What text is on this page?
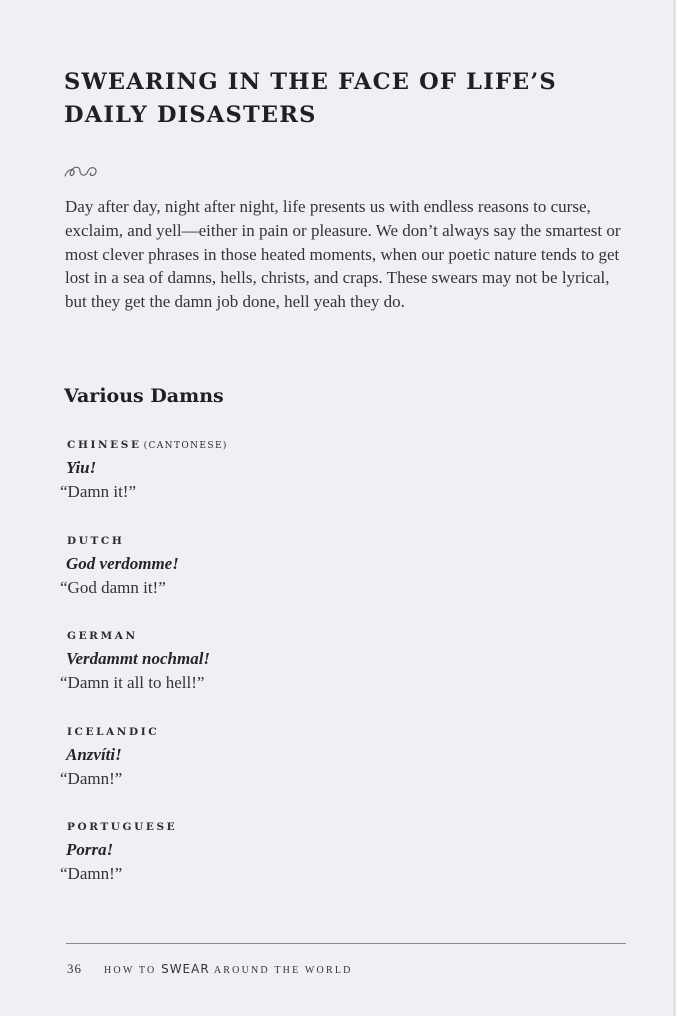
SWEARING IN THE FACE OF LIFE’S DAILY DISASTERS

Day after day, night after night, life presents us with endless reasons to curse, exclaim, and yell—either in pain or pleasure. We don’t always say the smartest or most clever phrases in those heated moments, when our poetic nature tends to get lost in a sea of damns, hells, christs, and craps. These swears may not be lyrical, but they get the damn job done, hell yeah they do.

Various Damns
CHINESE (CANTONESE)
Yiu!
“Damn it!”
DUTCH
God verdomme!
“God damn it!”
GERMAN
Verdammt nochmal!
“Damn it all to hell!”
ICELANDIC
Anzvíti!
“Damn!”
PORTUGUESE
Porra!
“Damn!”
36 HOW TO SWEAR AROUND THE WORLD
